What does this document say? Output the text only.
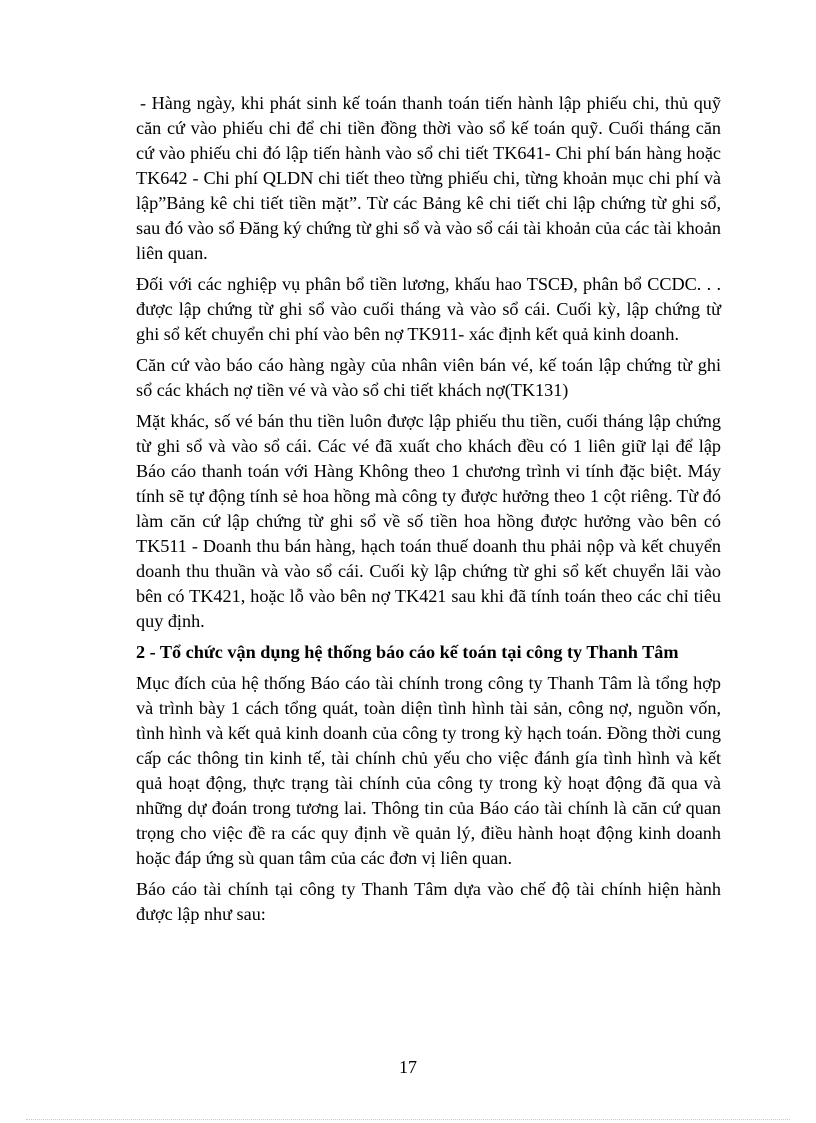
- Hàng ngày, khi phát sinh kế toán thanh toán tiến hành lập phiếu chi, thủ quỹ căn cứ vào phiếu chi để chi tiền đồng thời vào sổ kế toán quỹ. Cuối tháng căn cứ vào phiếu chi đó lập tiến hành vào sổ chi tiết TK641- Chi phí bán hàng hoặc TK642 - Chi phí QLDN chi tiết theo từng phiếu chi, từng khoản mục chi phí và lập”Bảng kê chi tiết tiền mặt”. Từ các Bảng kê chi tiết chi lập chứng từ ghi sổ, sau đó vào sổ Đăng ký chứng từ ghi sổ và vào sổ cái tài khoản của các tài khoản liên quan.

Đối với các nghiệp vụ phân bổ tiền lương, khấu hao TSCĐ, phân bổ CCDC. . . được lập chứng từ ghi sổ vào cuối tháng và vào sổ cái. Cuối kỳ, lập chứng từ ghi sổ kết chuyển chi phí vào bên nợ TK911- xác định kết quả kinh doanh.

Căn cứ vào báo cáo hàng ngày của nhân viên bán vé, kế toán lập chứng từ ghi sổ các khách nợ tiền vé và vào sổ chi tiết khách nợ(TK131)

Mặt khác, số vé bán thu tiền luôn được lập phiếu thu tiền, cuối tháng lập chứng từ ghi sổ và vào sổ cái. Các vé đã xuất cho khách đều có 1 liên giữ lại để lập Báo cáo thanh toán với Hàng Không theo 1 chương trình vi tính đặc biệt. Máy tính sẽ tự động tính sẻ hoa hồng mà công ty được hưởng theo 1 cột riêng. Từ đó làm căn cứ lập chứng từ ghi sổ về số tiền hoa hồng được hưởng vào bên có TK511 - Doanh thu bán hàng, hạch toán thuế doanh thu phải nộp và kết chuyển doanh thu thuần và vào sổ cái. Cuối kỳ lập chứng từ ghi sổ kết chuyển lãi vào bên có TK421, hoặc lỗ vào bên nợ TK421 sau khi đã tính toán theo các chỉ tiêu quy định.

2 - Tổ chức vận dụng hệ thống báo cáo kế toán tại công ty Thanh Tâm

Mục đích của hệ thống Báo cáo tài chính trong công ty Thanh Tâm là tổng hợp và trình bày 1 cách tổng quát, toàn diện tình hình tài sản, công nợ, nguồn vốn, tình hình và kết quả kinh doanh của công ty trong kỳ hạch toán. Đồng thời cung cấp các thông tin kinh tế, tài chính chủ yếu cho việc đánh gía tình hình và kết quả hoạt động, thực trạng tài chính của công ty trong kỳ hoạt động đã qua và những dự đoán trong tương lai. Thông tin của Báo cáo tài chính là căn cứ quan trọng cho việc đề ra các quy định về quản lý, điều hành hoạt động kinh doanh hoặc đáp ứng sù quan tâm của các đơn vị liên quan.

Báo cáo tài chính tại công ty Thanh Tâm dựa vào chế độ tài chính hiện hành được lập như sau:

17
